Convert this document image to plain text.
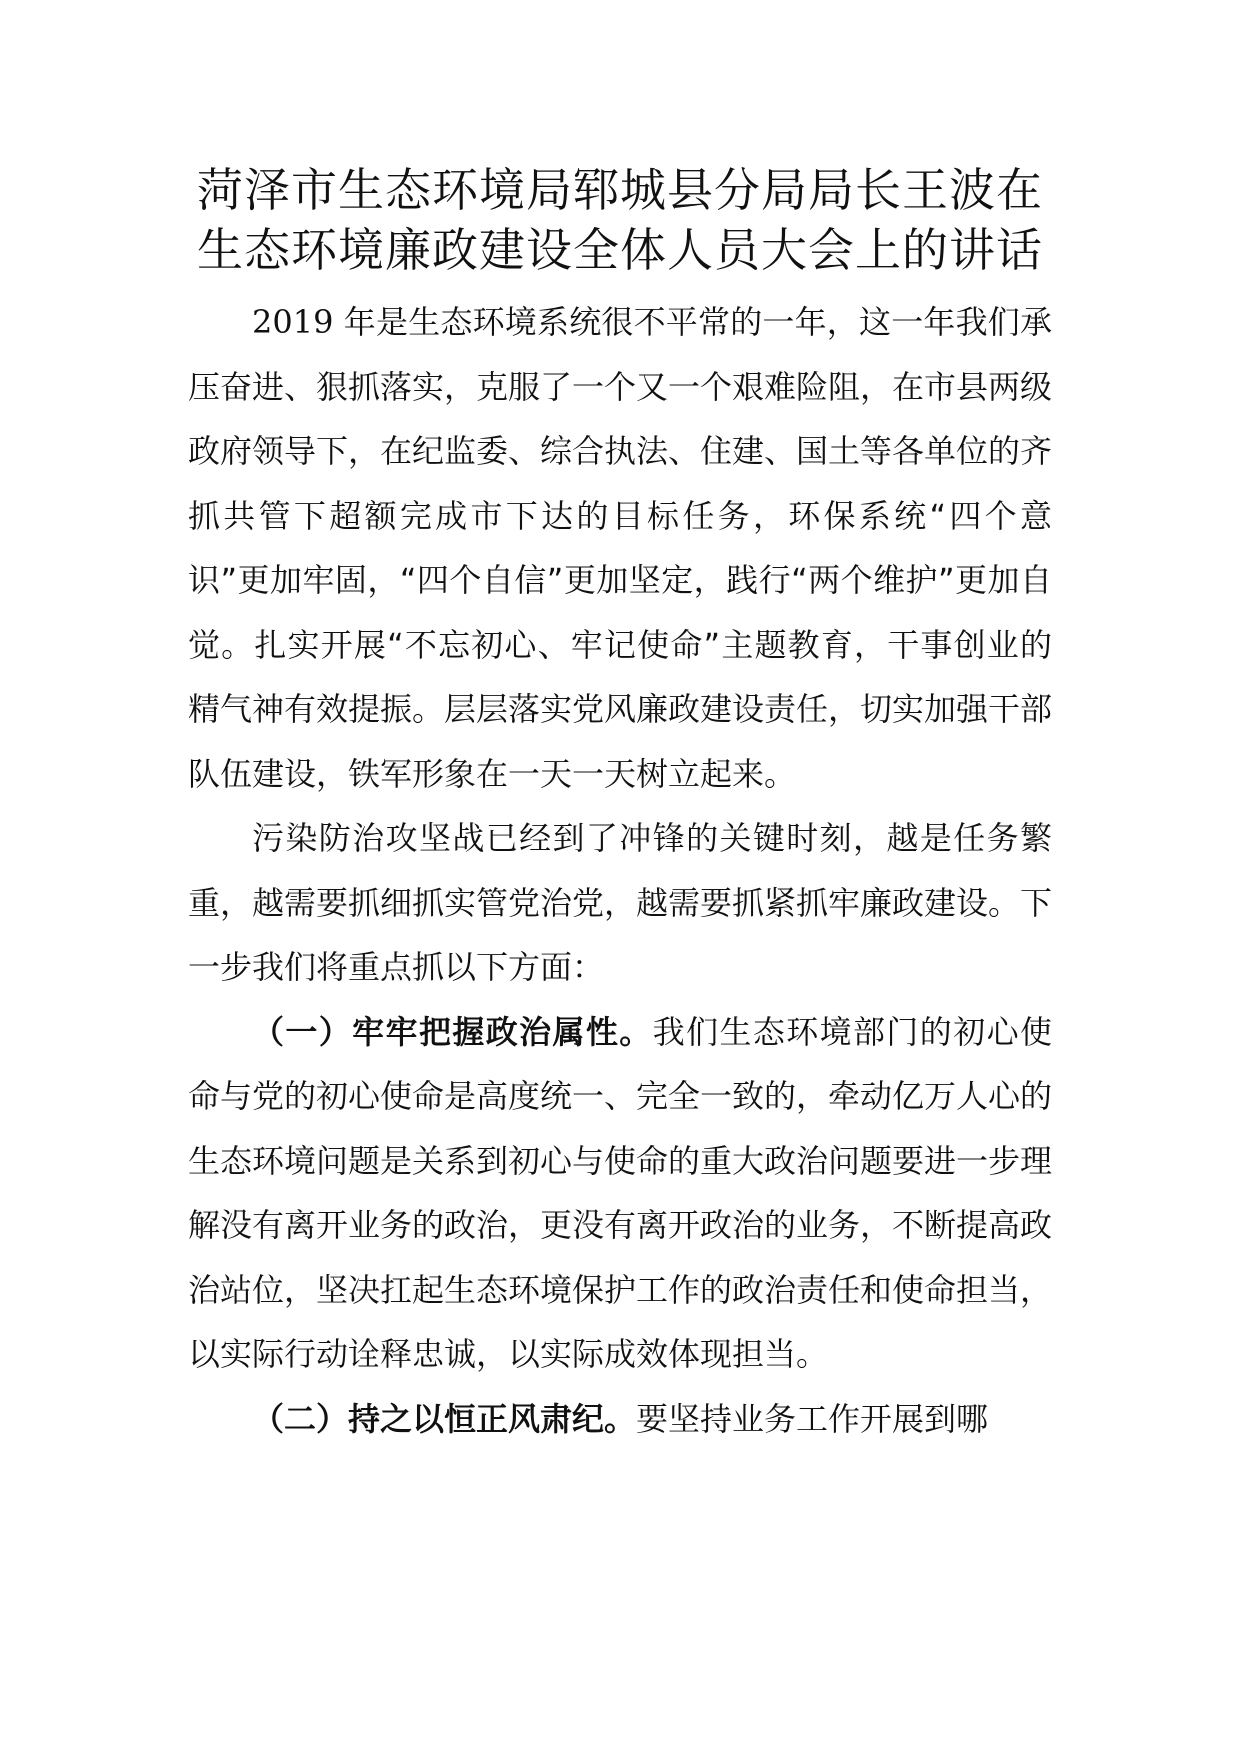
菏泽市生态环境局郓城县分局局长王波在
生态环境廉政建设全体人员大会上的讲话

2019 年是生态环境系统很不平常的一年，这一年我们承压奋进、狠抓落实，克服了一个又一个艰难险阻，在市县两级政府领导下，在纪监委、综合执法、住建、国土等各单位的齐抓共管下超额完成市下达的目标任务，环保系统“四个意识”更加牢固，“四个自信”更加坚定，践行“两个维护”更加自觉。扎实开展“不忘初心、牢记使命”主题教育，干事创业的精气神有效提振。层层落实党风廉政建设责任，切实加强干部队伍建设，铁军形象在一天一天树立起来。

污染防治攻坚战已经到了冲锋的关键时刻，越是任务繁重，越需要抓细抓实管党治党，越需要抓紧抓牢廉政建设。下一步我们将重点抓以下方面：

（一）牢牢把握政治属性。我们生态环境部门的初心使命与党的初心使命是高度统一、完全一致的，牵动亿万人心的生态环境问题是关系到初心与使命的重大政治问题要进一步理解没有离开业务的政治，更没有离开政治的业务，不断提高政治站位，坚决扛起生态环境保护工作的政治责任和使命担当，以实际行动诠释忠诚，以实际成效体现担当。

（二）持之以恒正风肃纪。要坚持业务工作开展到哪
